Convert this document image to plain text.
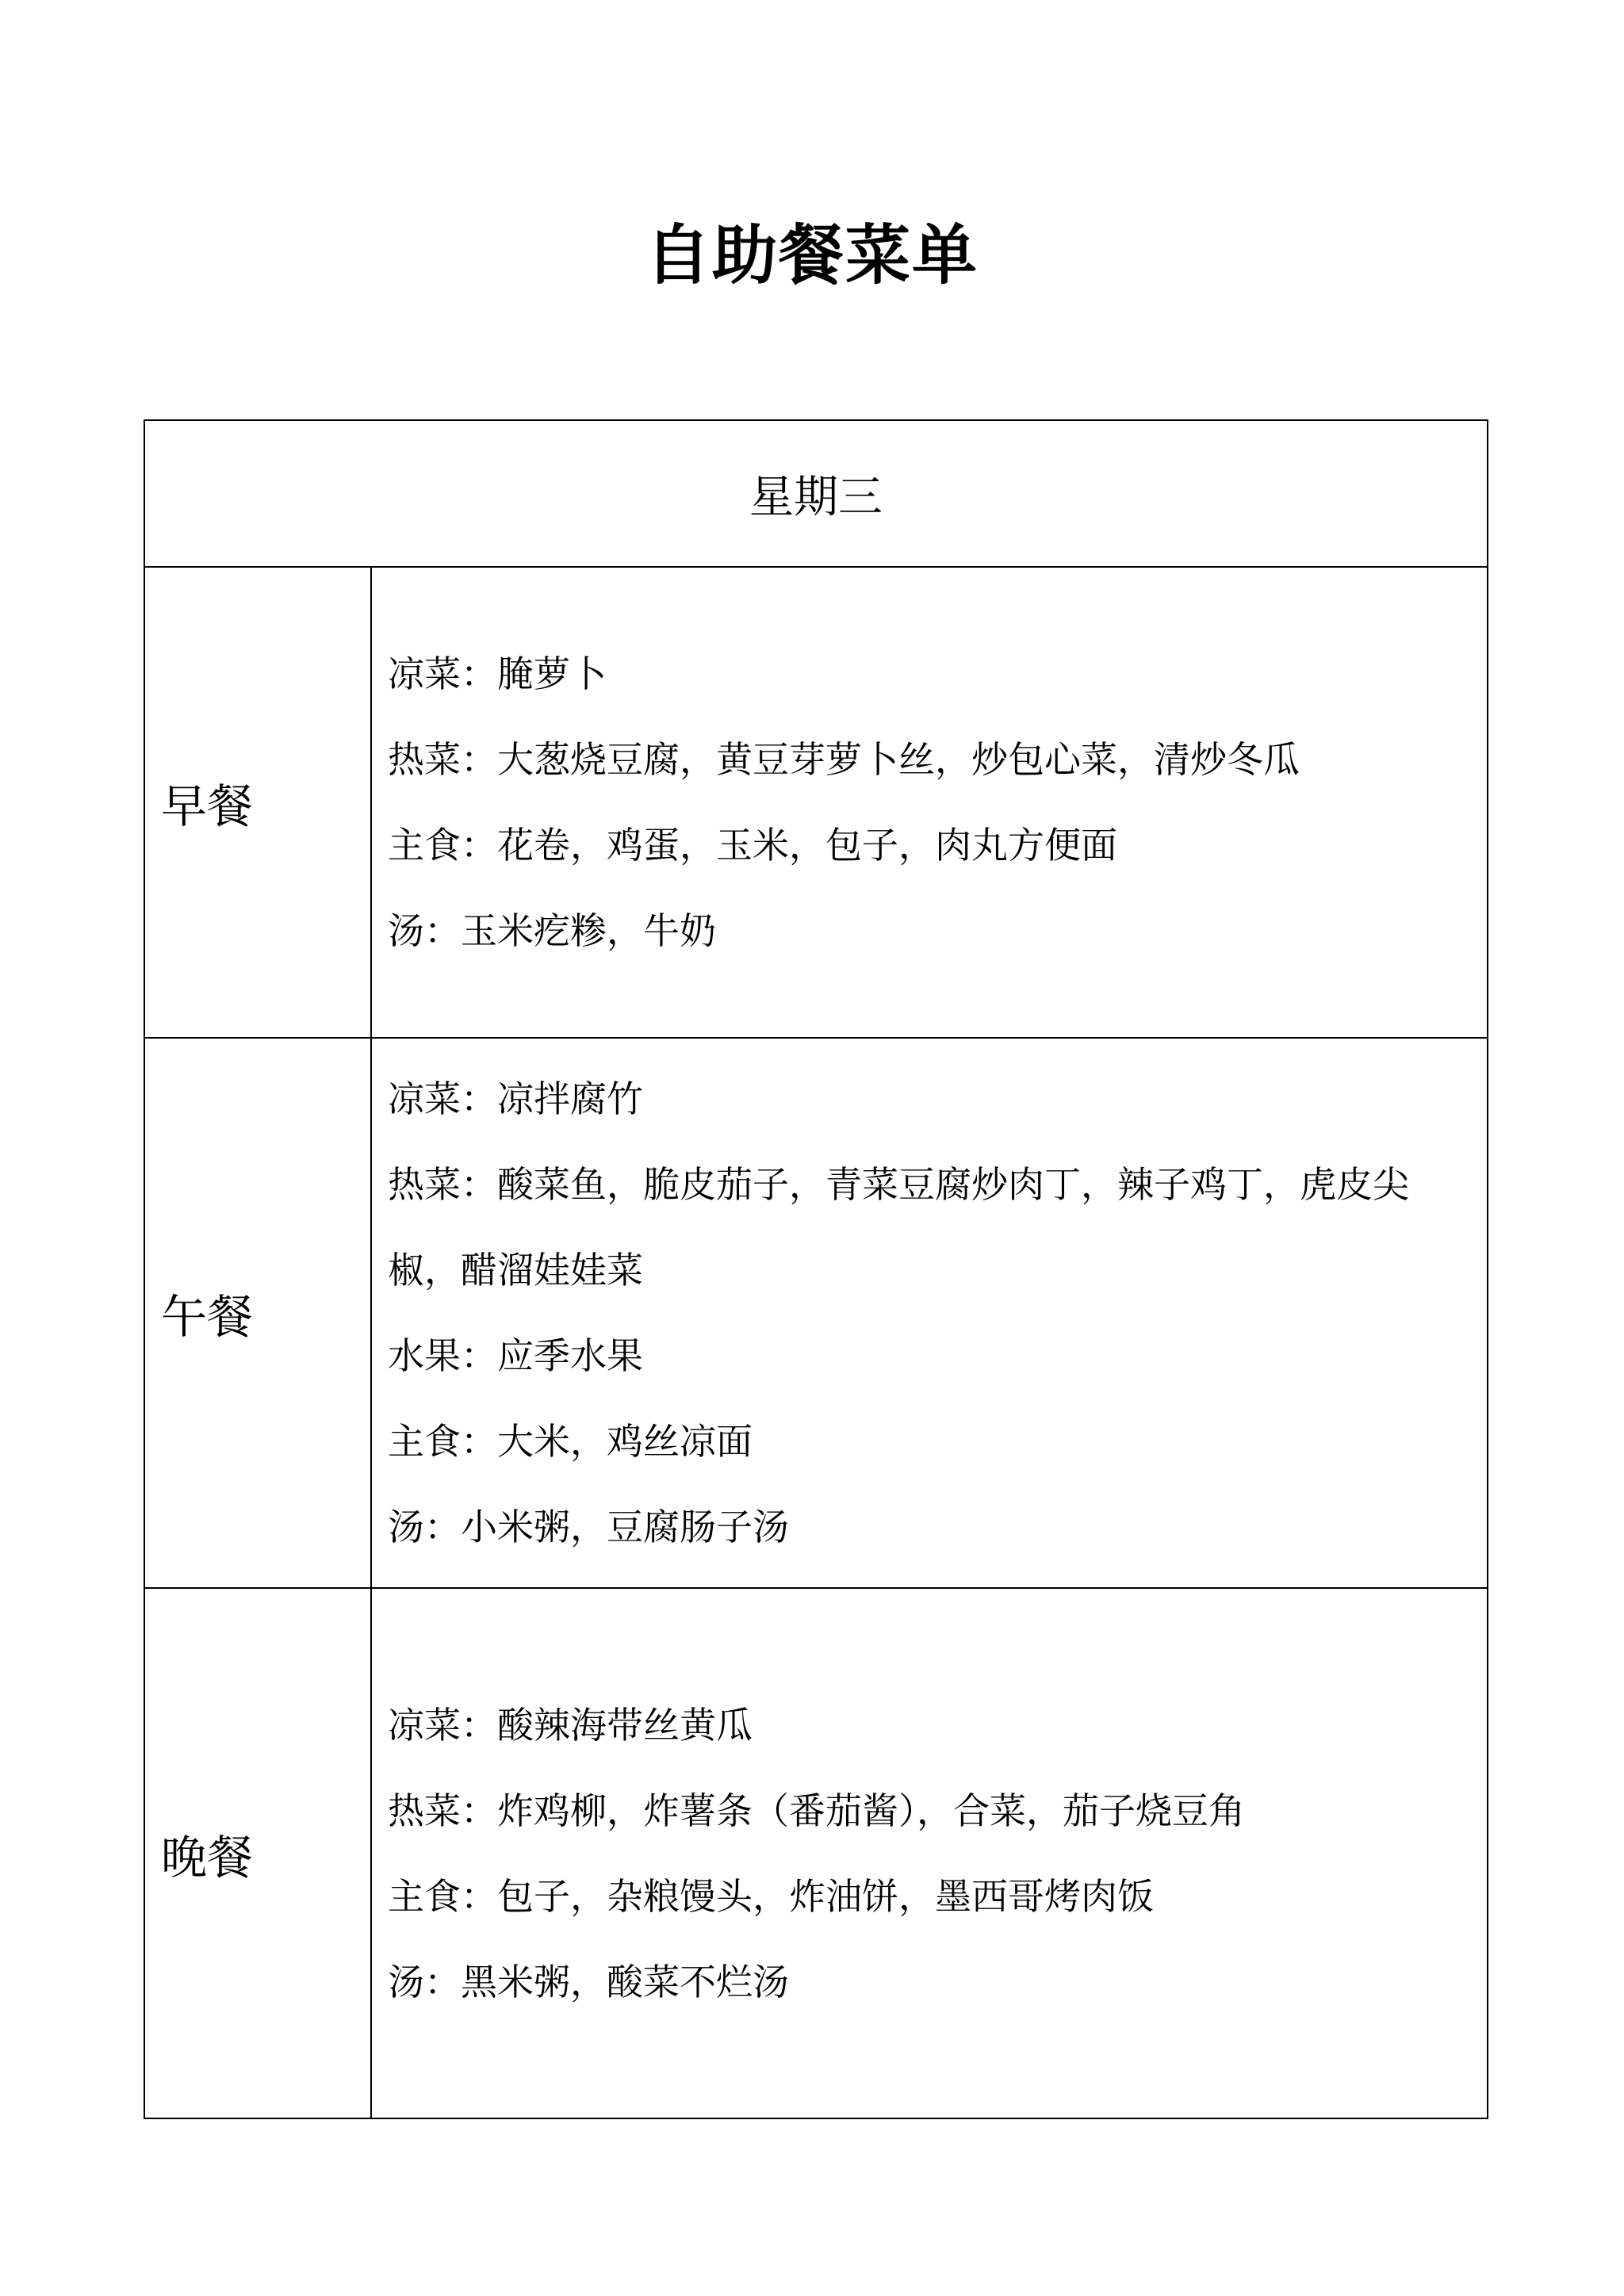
自助餐菜单
星期三	
早餐	凉菜：腌萝卜

热菜：大葱烧豆腐，黄豆芽萝卜丝，炒包心菜，清炒冬瓜

主食：花卷，鸡蛋，玉米，包子，肉丸方便面

汤：玉米疙糁，牛奶

午餐	凉菜：凉拌腐竹

热菜：酸菜鱼，脆皮茄子，青菜豆腐炒肉丁，辣子鸡丁，虎皮尖椒，醋溜娃娃菜

水果：应季水果

主食：大米，鸡丝凉面

汤：小米粥，豆腐肠子汤

晚餐	凉菜：酸辣海带丝黄瓜

热菜：炸鸡柳，炸薯条（番茄酱），合菜，茄子烧豆角

主食：包子，杂粮馒头，炸油饼，墨西哥烤肉饭

汤：黑米粥，酸菜不烂汤
